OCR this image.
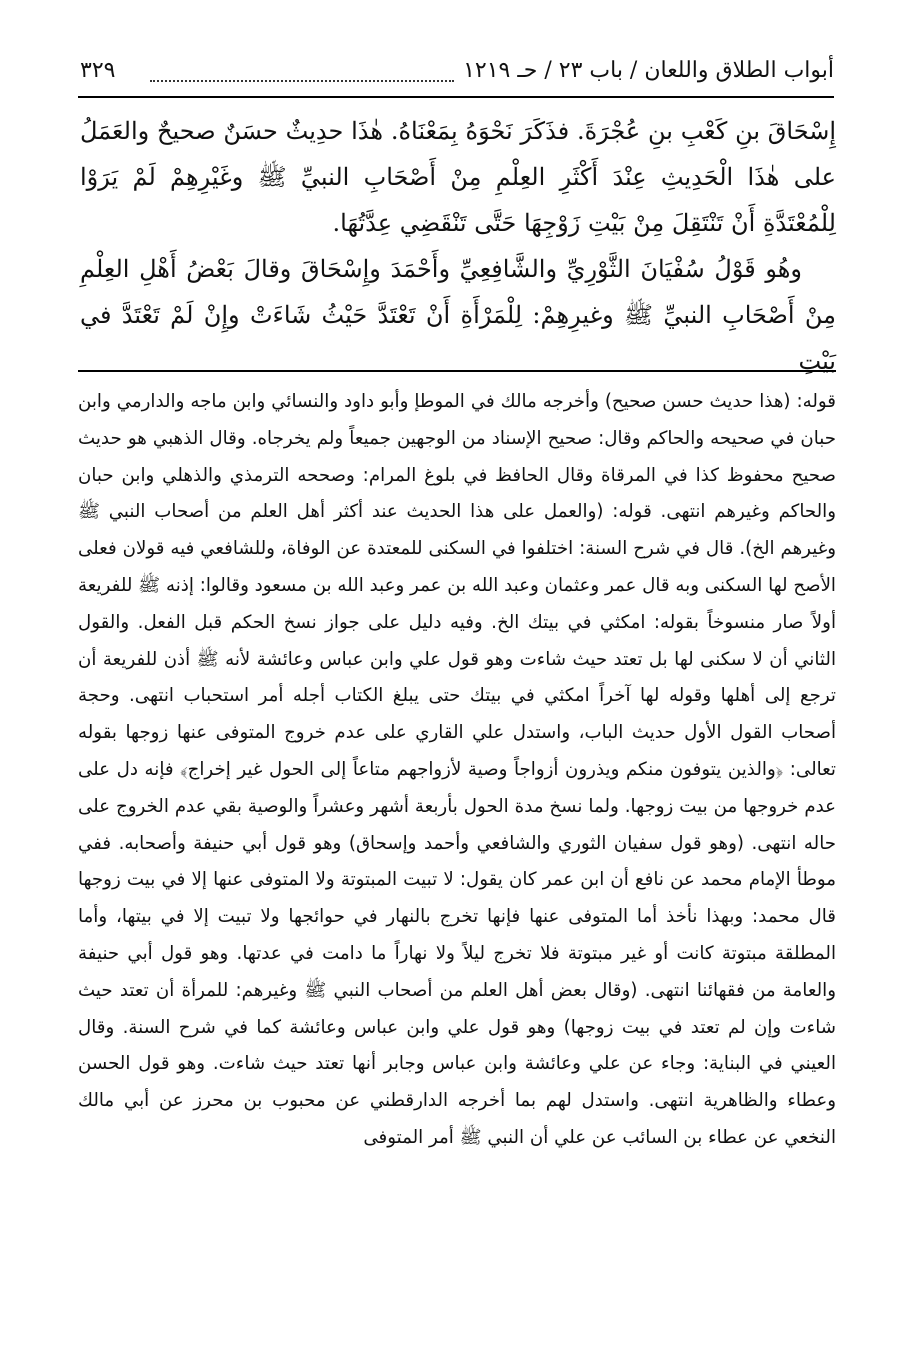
أبواب الطلاق واللعان / باب ٢٣ / حـ ١٢١٩
٣٢٩

إِسْحَاقَ بنِ كَعْبِ بنِ عُجْرَةَ. فذَكَرَ نَحْوَهُ بِمَعْنَاهُ. هٰذَا حدِيثٌ حسَنٌ صحيحٌ والعَمَلُ على هٰذَا الْحَدِيثِ عِنْدَ أَكْثَرِ العِلْمِ مِنْ أَصْحَابِ النبيِّ ﷺ وغَيْرِهِمْ لَمْ يَرَوْا لِلْمُعْتَدَّةِ أَنْ تَنْتَقِلَ مِنْ بَيْتِ زَوْجِهَا حَتَّى تَنْقَضِي عِدَّتُهَا.

وهُو قَوْلُ سُفْيَانَ الثَّوْرِيِّ والشَّافِعِيِّ وأَحْمَدَ وإِسْحَاقَ وقالَ بَعْضُ أَهْلِ العِلْمِ مِنْ أَصْحَابِ النبيِّ ﷺ وغيرِهِمْ: لِلْمَرْأَةِ أَنْ تَعْتَدَّ حَيْثُ شَاءَتْ وإِنْ لَمْ تَعْتَدَّ في بَيْتِ

قوله: (هذا حديث حسن صحيح) وأخرجه مالك في الموطإ وأبو داود والنسائي وابن ماجه والدارمي وابن حبان في صحيحه والحاكم وقال: صحيح الإسناد من الوجهين جميعاً ولم يخرجاه. وقال الذهبي هو حديث صحيح محفوظ كذا في المرقاة وقال الحافظ في بلوغ المرام: وصححه الترمذي والذهلي وابن حبان والحاكم وغيرهم انتهى. قوله: (والعمل على هذا الحديث عند أكثر أهل العلم من أصحاب النبي ﷺ وغيرهم الخ). قال في شرح السنة: اختلفوا في السكنى للمعتدة عن الوفاة، وللشافعي فيه قولان فعلى الأصح لها السكنى وبه قال عمر وعثمان وعبد الله بن عمر وعبد الله بن مسعود وقالوا: إذنه ﷺ للفريعة أولاً صار منسوخاً بقوله: امكثي في بيتك الخ. وفيه دليل على جواز نسخ الحكم قبل الفعل. والقول الثاني أن لا سكنى لها بل تعتد حيث شاءت وهو قول علي وابن عباس وعائشة لأنه ﷺ أذن للفريعة أن ترجع إلى أهلها وقوله لها آخراً امكثي في بيتك حتى يبلغ الكتاب أجله أمر استحباب انتهى. وحجة أصحاب القول الأول حديث الباب، واستدل علي القاري على عدم خروج المتوفى عنها زوجها بقوله تعالى: ﴿والذين يتوفون منكم ويذرون أزواجاً وصية لأزواجهم متاعاً إلى الحول غير إخراج﴾ فإنه دل على عدم خروجها من بيت زوجها. ولما نسخ مدة الحول بأربعة أشهر وعشراً والوصية بقي عدم الخروج على حاله انتهى. (وهو قول سفيان الثوري والشافعي وأحمد وإسحاق) وهو قول أبي حنيفة وأصحابه. ففي موطأ الإمام محمد عن نافع أن ابن عمر كان يقول: لا تبيت المبتوتة ولا المتوفى عنها إلا في بيت زوجها قال محمد: وبهذا نأخذ أما المتوفى عنها فإنها تخرج بالنهار في حوائجها ولا تبيت إلا في بيتها، وأما المطلقة مبتوتة كانت أو غير مبتوتة فلا تخرج ليلاً ولا نهاراً ما دامت في عدتها. وهو قول أبي حنيفة والعامة من فقهائنا انتهى. (وقال بعض أهل العلم من أصحاب النبي ﷺ وغيرهم: للمرأة أن تعتد حيث شاءت وإن لم تعتد في بيت زوجها) وهو قول علي وابن عباس وعائشة كما في شرح السنة. وقال العيني في البناية: وجاء عن علي وعائشة وابن عباس وجابر أنها تعتد حيث شاءت. وهو قول الحسن وعطاء والظاهرية انتهى. واستدل لهم بما أخرجه الدارقطني عن محبوب بن محرز عن أبي مالك النخعي عن عطاء بن السائب عن علي أن النبي ﷺ أمر المتوفى
